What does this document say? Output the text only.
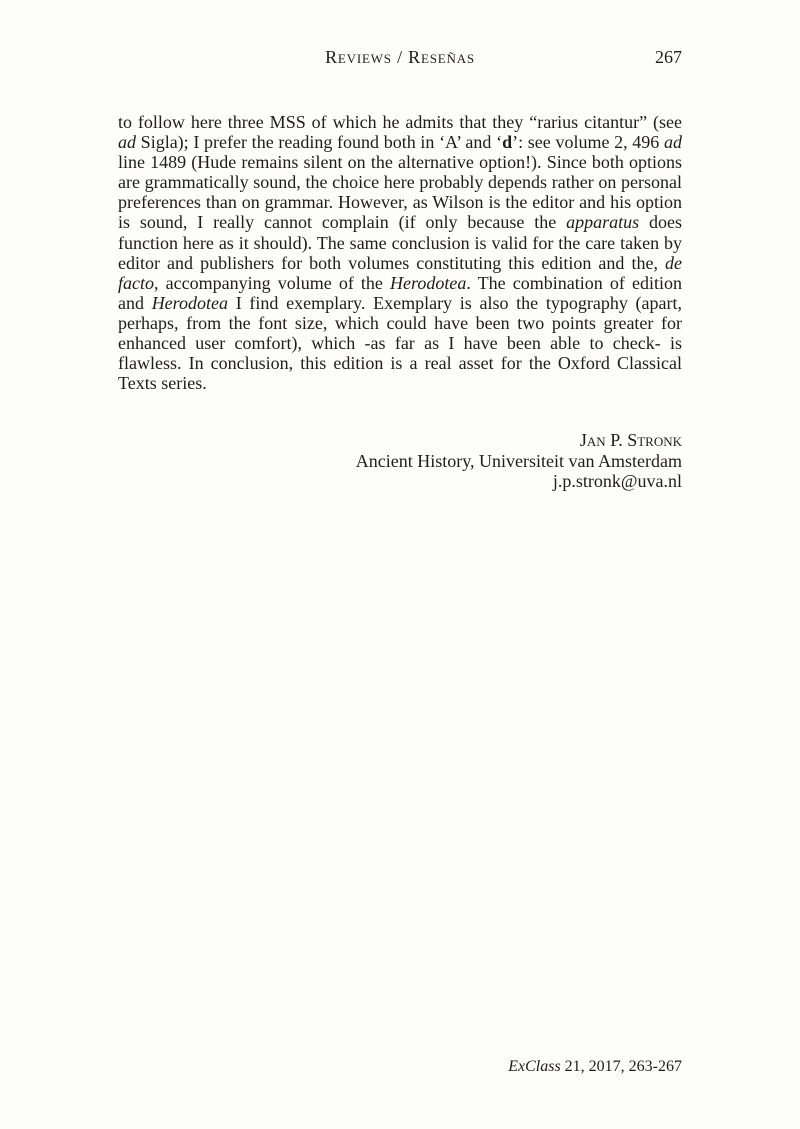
Reviews / Reseñas	267

to follow here three MSS of which he admits that they “rarius citantur” (see ad Sigla); I prefer the reading found both in ‘A’ and ‘d’: see volume 2, 496 ad line 1489 (Hude remains silent on the alternative option!). Since both options are grammatically sound, the choice here probably depends rather on personal preferences than on grammar. However, as Wilson is the editor and his option is sound, I really cannot complain (if only because the apparatus does function here as it should). The same conclusion is valid for the care taken by editor and publishers for both volumes constituting this edition and the, de facto, accompanying volume of the Herodotea. The combination of edition and Herodotea I find exemplary. Exemplary is also the typography (apart, perhaps, from the font size, which could have been two points greater for enhanced user comfort), which -as far as I have been able to check- is flawless. In conclusion, this edition is a real asset for the Oxford Classical Texts series.

Jan P. Stronk
Ancient History, Universiteit van Amsterdam
j.p.stronk@uva.nl
ExClass 21, 2017, 263-267
